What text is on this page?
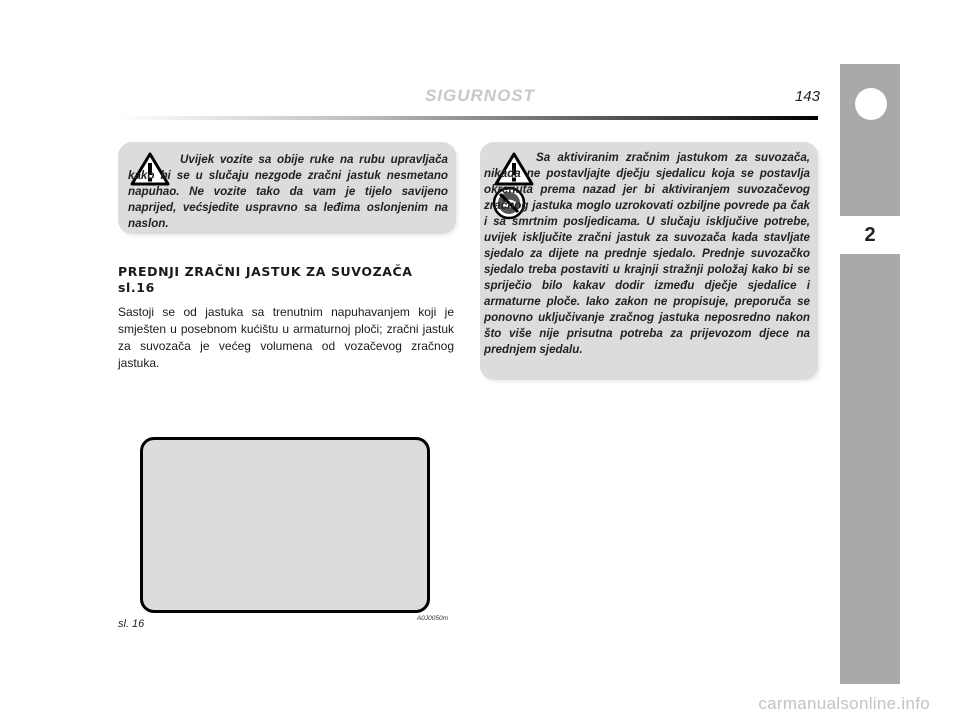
SIGURNOST	143
2
Uvijek vozite sa obije ruke na rubu upravljača kako bi se u slučaju nezgode zračni jastuk nesmetano napuhao. Ne vozite tako da vam je tijelo savijeno naprijed, većsjedite uspravno sa leđima oslonjenim na naslon.
Sa aktiviranim zračnim jastukom za suvozača, nikada ne postavljajte dječju sjedalicu koja se postavlja okrenuta prema nazad jer bi aktiviranjem suvozačevog zračnog jastuka moglo uzrokovati ozbiljne povrede pa čak i sa smrtnim posljedicama. U slučaju isključive potrebe, uvijek isključite zračni jastuk za suvozača kada stavljate sjedalo za dijete na prednje sjedalo. Prednje suvozačko sjedalo treba postaviti u krajnji stražnji položaj kako bi se spriječio bilo kakav dodir između dječje sjedalice i armaturne ploče. Iako zakon ne propisuje, preporuča se ponovno uključivanje zračnog jastuka neposredno nakon što više nije prisutna potreba za prijevozom djece na prednjem sjedalu.
PREDNJI ZRAČNI JASTUK ZA SUVOZAČA sl.16
Sastoji se od jastuka sa trenutnim napuhavanjem koji je smješten u posebnom kućištu u armaturnoj ploči; zračni jastuk za suvozača je većeg volumena od vozačevog zračnog jastuka.
A0J0050m
sl. 16
carmanualsonline.info
